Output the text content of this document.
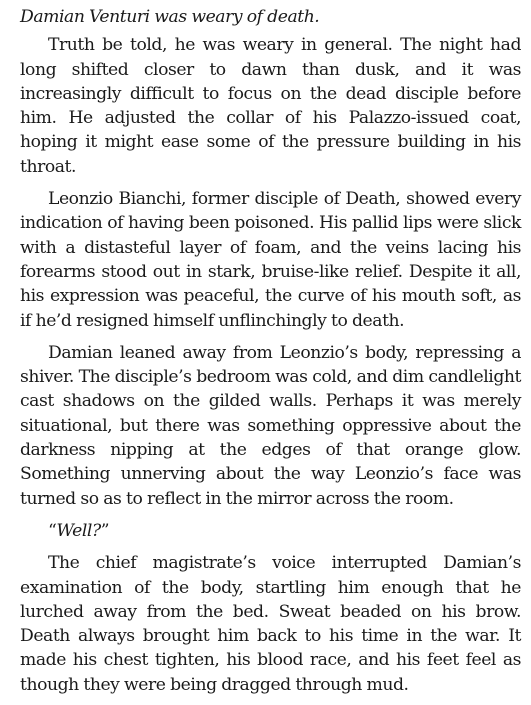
Damian Venturi was weary of death.

Truth be told, he was weary in general. The night had long shifted closer to dawn than dusk, and it was increasingly difficult to focus on the dead disciple before him. He adjusted the collar of his Palazzo-issued coat, hoping it might ease some of the pressure building in his throat.

Leonzio Bianchi, former disciple of Death, showed every indication of having been poisoned. His pallid lips were slick with a distasteful layer of foam, and the veins lacing his forearms stood out in stark, bruise-like relief. Despite it all, his expression was peaceful, the curve of his mouth soft, as if he’d resigned himself unflinchingly to death.

Damian leaned away from Leonzio’s body, repressing a shiver. The disciple’s bedroom was cold, and dim candlelight cast shadows on the gilded walls. Perhaps it was merely situational, but there was something oppressive about the darkness nipping at the edges of that orange glow. Something unnerving about the way Leonzio’s face was turned so as to reflect in the mirror across the room.

“Well?”

The chief magistrate’s voice interrupted Damian’s examination of the body, startling him enough that he lurched away from the bed. Sweat beaded on his brow. Death always brought him back to his time in the war. It made his chest tighten, his blood race, and his feet feel as though they were being dragged through mud.
